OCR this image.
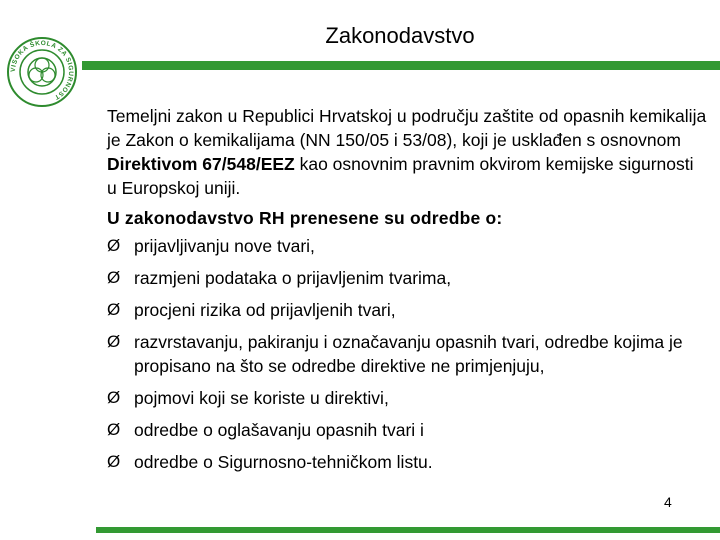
VISOKA ŠKOLA ZA SIGURNOST
Zakonodavstvo

Temeljni zakon u Republici Hrvatskoj u području zaštite od opasnih kemikalija je Zakon o kemikalijama (NN 150/05 i 53/08), koji je usklađen s osnovnom Direktivom 67/548/EEZ kao osnovnim pravnim okvirom kemijske sigurnosti u Europskoj uniji.

U zakonodavstvo RH prenesene su odredbe o:

Ø prijavljivanju nove tvari,
Ø razmjeni podataka o prijavljenim tvarima,
Ø procjeni rizika od prijavljenih tvari,
Ø razvrstavanju, pakiranju i označavanju opasnih tvari, odredbe kojima je propisano na što se odredbe direktive ne primjenjuju,
Ø pojmovi koji se koriste u direktivi,
Ø odredbe o oglašavanju opasnih tvari i
Ø odredbe o Sigurnosno-tehničkom listu.
4
